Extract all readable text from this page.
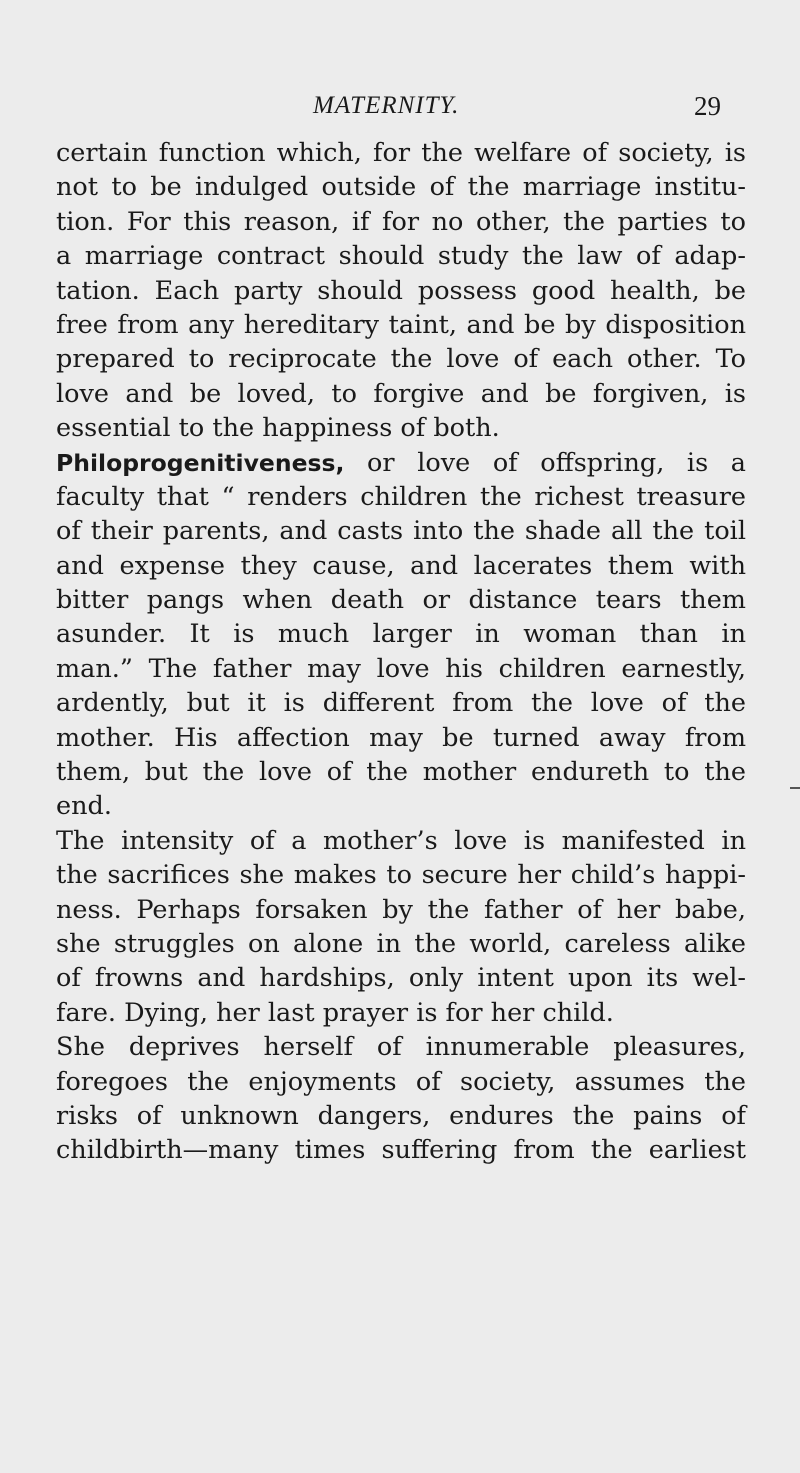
MATERNITY.	29
certain function which, for the welfare of society, is
not to be indulged outside of the marriage institu-
tion. For this reason, if for no other, the parties to
a marriage contract should study the law of adap-
tation. Each party should possess good health, be
free from any hereditary taint, and be by disposition
prepared to reciprocate the love of each other. To
love and be loved, to forgive and be forgiven, is
essential to the happiness of both.
Philoprogenitiveness, or love of offspring, is a
faculty that “ renders children the richest treasure
of their parents, and casts into the shade all the toil
and expense they cause, and lacerates them with
bitter pangs when death or distance tears them
asunder. It is much larger in woman than in
man.” The father may love his children earnestly,
ardently, but it is different from the love of the
mother. His affection may be turned away from
them, but the love of the mother endureth to the
end.
The intensity of a mother’s love is manifested in
the sacrifices she makes to secure her child’s happi-
ness. Perhaps forsaken by the father of her babe,
she struggles on alone in the world, careless alike
of frowns and hardships, only intent upon its wel-
fare. Dying, her last prayer is for her child.
She deprives herself of innumerable pleasures,
foregoes the enjoyments of society, assumes the
risks of unknown dangers, endures the pains of
childbirth—many times suffering from the earliest
